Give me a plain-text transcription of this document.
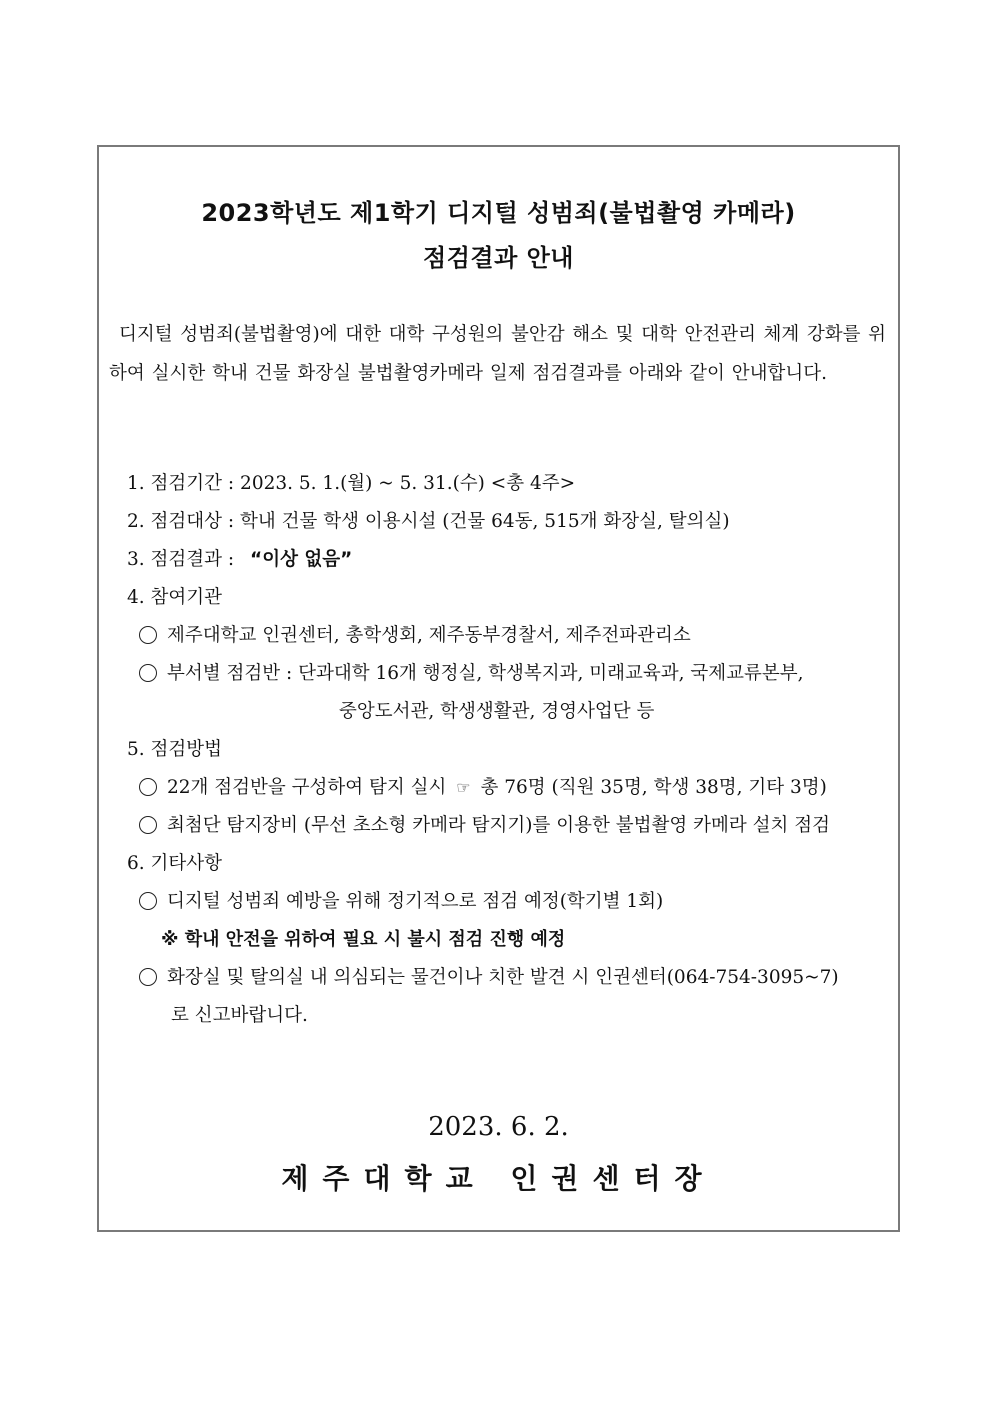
2023학년도 제1학기 디지털 성범죄(불법촬영 카메라)
점검결과 안내
디지털 성범죄(불법촬영)에 대한 대학 구성원의 불안감 해소 및 대학 안전관리 체계 강화를 위하여 실시한 학내 건물 화장실 불법촬영카메라 일제 점검결과를 아래와 같이 안내합니다.
1. 점검기간 : 2023. 5. 1.(월) ~ 5. 31.(수) <총 4주>
2. 점검대상 : 학내 건물 학생 이용시설 (건물 64동, 515개 화장실, 탈의실)
3. 점검결과 : “이상 없음”
4. 참여기관
제주대학교 인권센터, 총학생회, 제주동부경찰서, 제주전파관리소
부서별 점검반 : 단과대학 16개 행정실, 학생복지과, 미래교육과, 국제교류본부,
중앙도서관, 학생생활관, 경영사업단 등
5. 점검방법
22개 점검반을 구성하여 탐지 실시 ☞ 총 76명 (직원 35명, 학생 38명, 기타 3명)
최첨단 탐지장비 (무선 초소형 카메라 탐지기)를 이용한 불법촬영 카메라 설치 점검
6. 기타사항
디지털 성범죄 예방을 위해 정기적으로 점검 예정(학기별 1회)
※ 학내 안전을 위하여 필요 시 불시 점검 진행 예정
화장실 및 탈의실 내 의심되는 물건이나 치한 발견 시 인권센터(064-754-3095~7)
로 신고바랍니다.
2023. 6. 2.
제주대학교 인권센터장
